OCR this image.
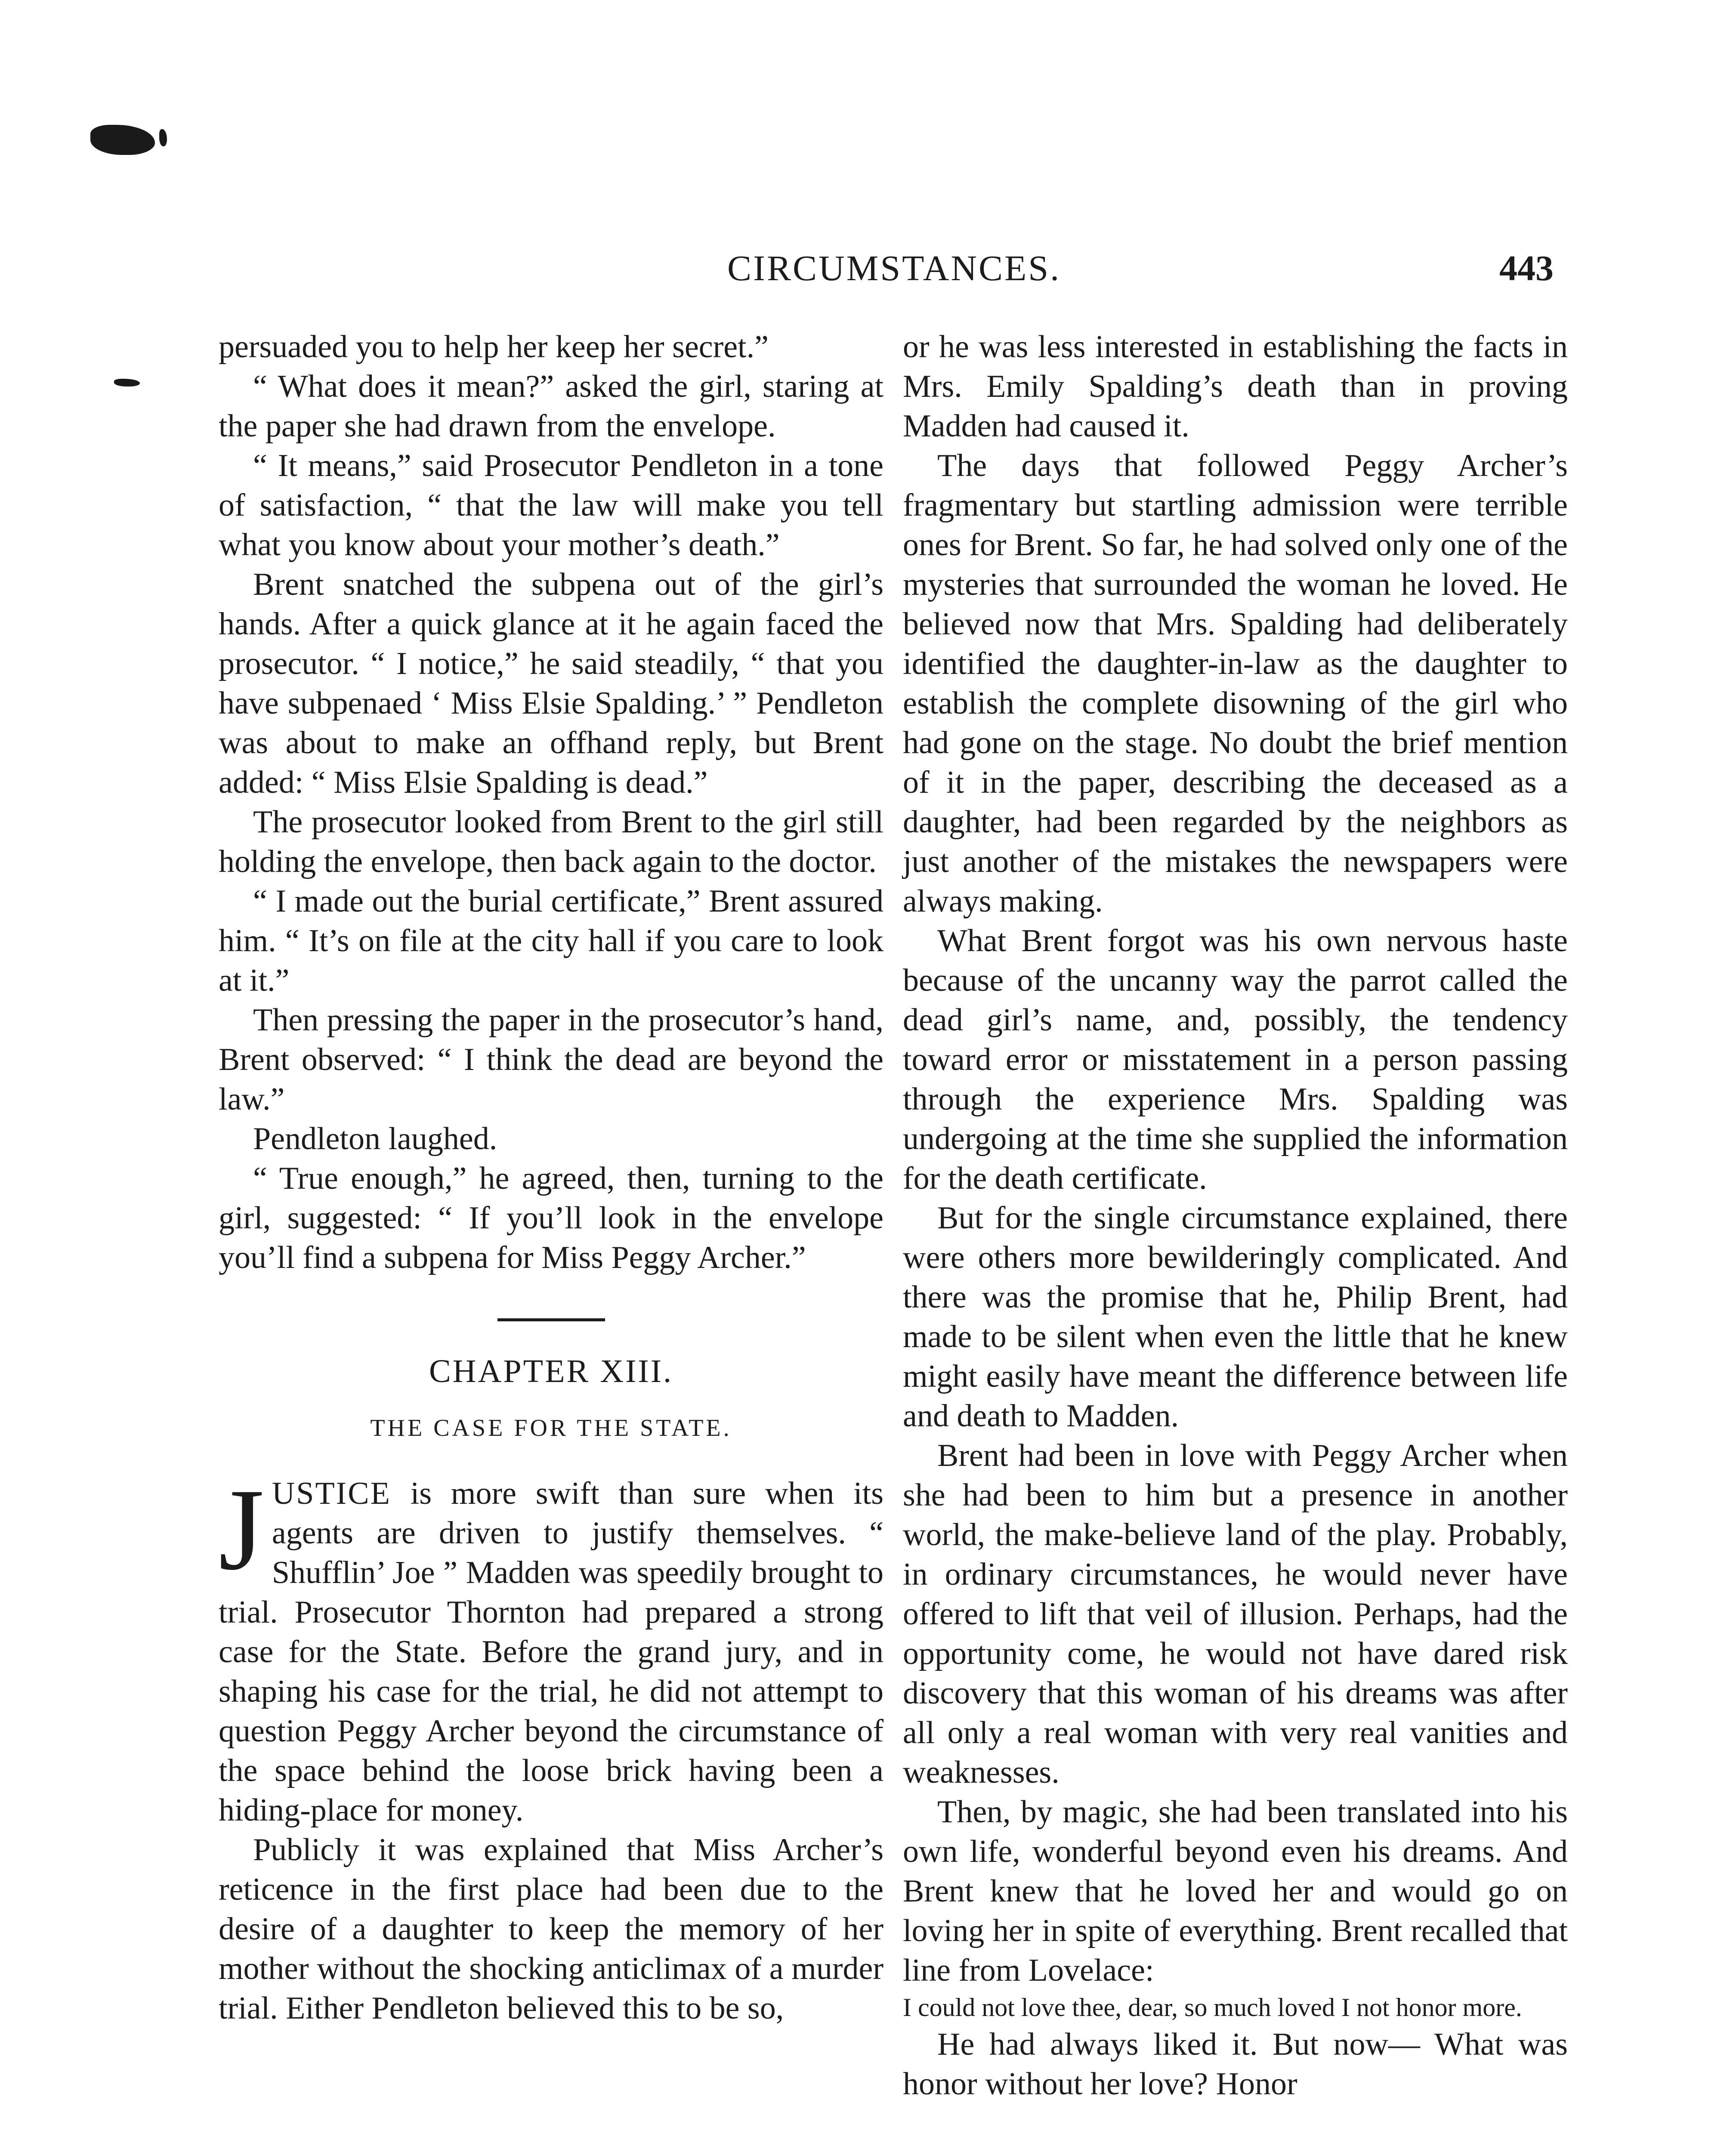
CIRCUMSTANCES.	443

persuaded you to help her keep her secret.”

“ What does it mean?” asked the girl, staring at the paper she had drawn from the envelope.

“ It means,” said Prosecutor Pendleton in a tone of satisfaction, “ that the law will make you tell what you know about your mother’s death.”

Brent snatched the subpena out of the girl’s hands. After a quick glance at it he again faced the prosecutor. “ I notice,” he said steadily, “ that you have subpenaed ‘ Miss Elsie Spalding.’ ” Pendleton was about to make an offhand reply, but Brent added: “ Miss Elsie Spalding is dead.”

The prosecutor looked from Brent to the girl still holding the envelope, then back again to the doctor.

“ I made out the burial certificate,” Brent assured him. “ It’s on file at the city hall if you care to look at it.”

Then pressing the paper in the prosecutor’s hand, Brent observed: “ I think the dead are beyond the law.”

Pendleton laughed.

“ True enough,” he agreed, then, turning to the girl, suggested: “ If you’ll look in the envelope you’ll find a subpena for Miss Peggy Archer.”

CHAPTER XIII.
THE CASE FOR THE STATE.

JUSTICE is more swift than sure when its agents are driven to justify themselves. “ Shufflin’ Joe ” Madden was speedily brought to trial. Prosecutor Thornton had prepared a strong case for the State. Before the grand jury, and in shaping his case for the trial, he did not attempt to question Peggy Archer beyond the circumstance of the space behind the loose brick having been a hiding-place for money.

Publicly it was explained that Miss Archer’s reticence in the first place had been due to the desire of a daughter to keep the memory of her mother without the shocking anticlimax of a murder trial. Either Pendleton believed this to be so,

or he was less interested in establishing the facts in Mrs. Emily Spalding’s death than in proving Madden had caused it.

The days that followed Peggy Archer’s fragmentary but startling admission were terrible ones for Brent. So far, he had solved only one of the mysteries that surrounded the woman he loved. He believed now that Mrs. Spalding had deliberately identified the daughter-in-law as the daughter to establish the complete disowning of the girl who had gone on the stage. No doubt the brief mention of it in the paper, describing the deceased as a daughter, had been regarded by the neighbors as just another of the mistakes the newspapers were always making.

What Brent forgot was his own nervous haste because of the uncanny way the parrot called the dead girl’s name, and, possibly, the tendency toward error or misstatement in a person passing through the experience Mrs. Spalding was undergoing at the time she supplied the information for the death certificate.

But for the single circumstance explained, there were others more bewilderingly complicated. And there was the promise that he, Philip Brent, had made to be silent when even the little that he knew might easily have meant the difference between life and death to Madden.

Brent had been in love with Peggy Archer when she had been to him but a presence in another world, the make-believe land of the play. Probably, in ordinary circumstances, he would never have offered to lift that veil of illusion. Perhaps, had the opportunity come, he would not have dared risk discovery that this woman of his dreams was after all only a real woman with very real vanities and weaknesses.

Then, by magic, she had been translated into his own life, wonderful beyond even his dreams. And Brent knew that he loved her and would go on loving her in spite of everything. Brent recalled that line from Lovelace:

I could not love thee, dear, so much loved I not honor more.

He had always liked it. But now— What was honor without her love? Honor
